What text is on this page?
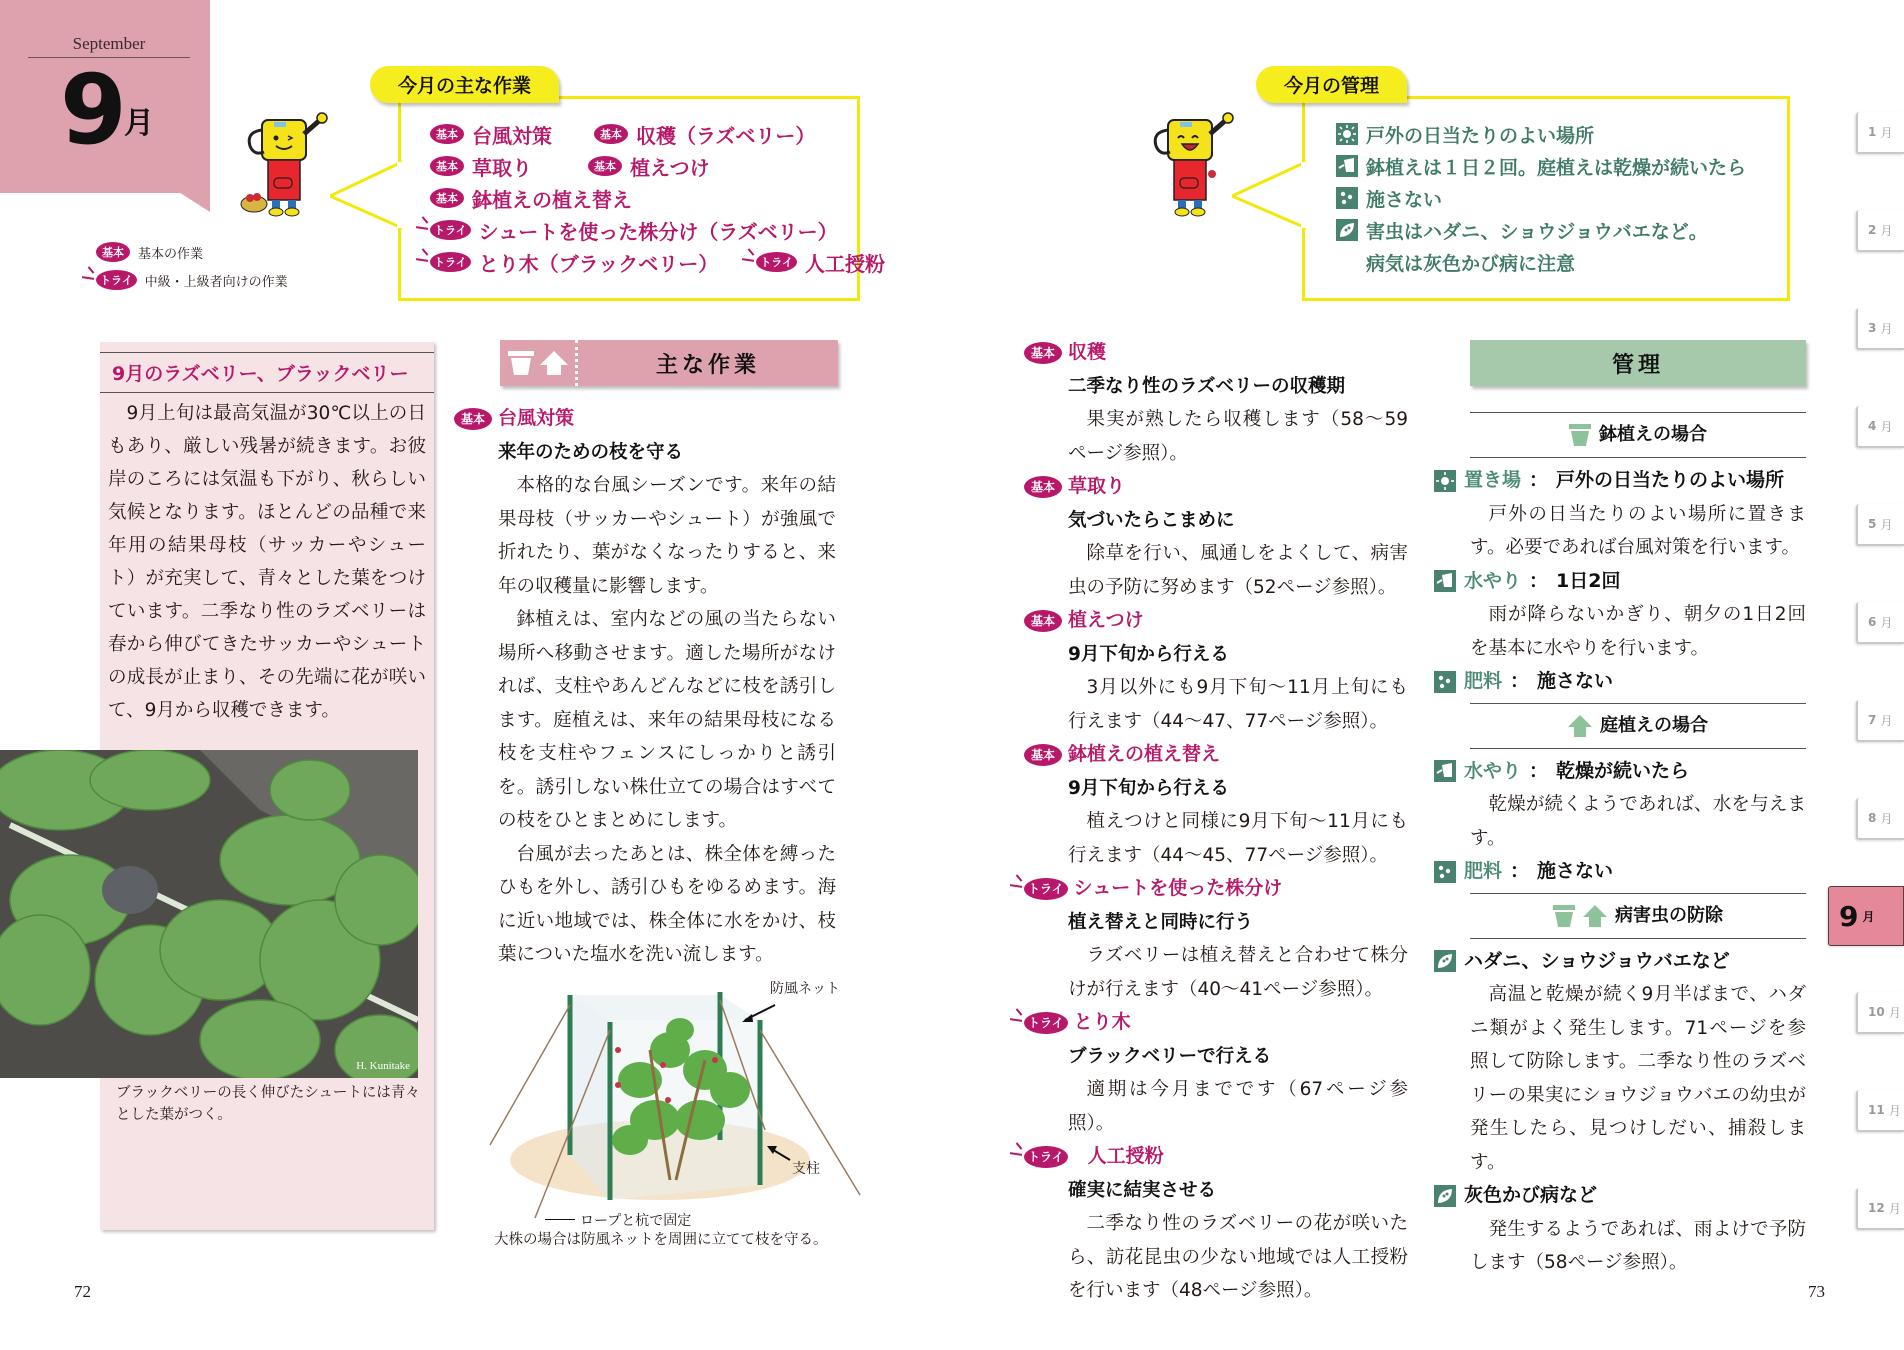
September
9 月
基本	基本の作業
トライ 中級・上級者向けの作業
今月の主な作業
基本 台風対策	基本 収穫（ラズベリー）
基本 草取り	基本 植えつけ
基本 鉢植えの植え替え
トライ シュートを使った株分け（ラズベリー）
トライ とり木（ブラックベリー）	トライ 人工授粉
9月のラズベリー、ブラックベリー

9月上旬は最高気温が30℃以上の日もあり、厳しい残暑が続きます。お彼岸のころには気温も下がり、秋らしい気候となります。ほとんどの品種で来年用の結果母枝（サッカーやシュート）が充実して、青々とした葉をつけています。二季なり性のラズベリーは春から伸びてきたサッカーやシュートの成長が止まり、その先端に花が咲いて、9月から収穫できます。

H. Kunitake
ブラックベリーの長く伸びたシュートには青々とした葉がつく。
主な作業
基本 台風対策
来年のための枝を守る

本格的な台風シーズンです。来年の結果母枝（サッカーやシュート）が強風で折れたり、葉がなくなったりすると、来年の収穫量に影響します。

鉢植えは、室内などの風の当たらない場所へ移動させます。適した場所がなければ、支柱やあんどんなどに枝を誘引します。庭植えは、来年の結果母枝になる枝を支柱やフェンスにしっかりと誘引を。誘引しない株仕立ての場合はすべての枝をひとまとめにします。

台風が去ったあとは、株全体を縛ったひもを外し、誘引ひもをゆるめます。海に近い地域では、株全体に水をかけ、枝葉についた塩水を洗い流します。

防風ネット
支柱
ロープと杭で固定
大株の場合は防風ネットを周囲に立てて枝を守る。
72
今月の管理
戸外の日当たりのよい場所
鉢植えは１日２回。庭植えは乾燥が続いたら
施さない
害虫はハダニ、ショウジョウバエなど。
病気は灰色かび病に注意
基本 収穫
二季なり性のラズベリーの収穫期

果実が熟したら収穫します（58～59ページ参照）。

基本 草取り
気づいたらこまめに

除草を行い、風通しをよくして、病害虫の予防に努めます（52ページ参照）。

基本 植えつけ
9月下旬から行える

3月以外にも9月下旬～11月上旬にも行えます（44～47、77ページ参照）。

基本 鉢植えの植え替え
9月下旬から行える

植えつけと同様に9月下旬～11月にも行えます（44～45、77ページ参照）。

トライ シュートを使った株分け
植え替えと同時に行う

ラズベリーは植え替えと合わせて株分けが行えます（40～41ページ参照）。

トライ とり木
ブラックベリーで行える

適期は今月までです（67ページ参照）。

トライ 人工授粉
確実に結実させる

二季なり性のラズベリーの花が咲いたら、訪花昆虫の少ない地域では人工授粉を行います（48ページ参照）。

管理
鉢植えの場合
置き場 ： 戸外の日当たりのよい場所

戸外の日当たりのよい場所に置きます。必要であれば台風対策を行います。

水やり ： 1日2回

雨が降らないかぎり、朝夕の1日2回を基本に水やりを行います。

肥料 ： 施さない
庭植えの場合
水やり ： 乾燥が続いたら

乾燥が続くようであれば、水を与えます。

肥料 ： 施さない
病害虫の防除
ハダニ、ショウジョウバエなど

高温と乾燥が続く9月半ばまで、ハダニ類がよく発生します。71ページを参照して防除します。二季なり性のラズベリーの果実にショウジョウバエの幼虫が発生したら、見つけしだい、捕殺します。

灰色かび病など

発生するようであれば、雨よけで予防します（58ページ参照）。

73
1
月
2
月
3
月
4
月
5
月
6
月
7
月
8
月
9 月
10
月
11
月
12
月
